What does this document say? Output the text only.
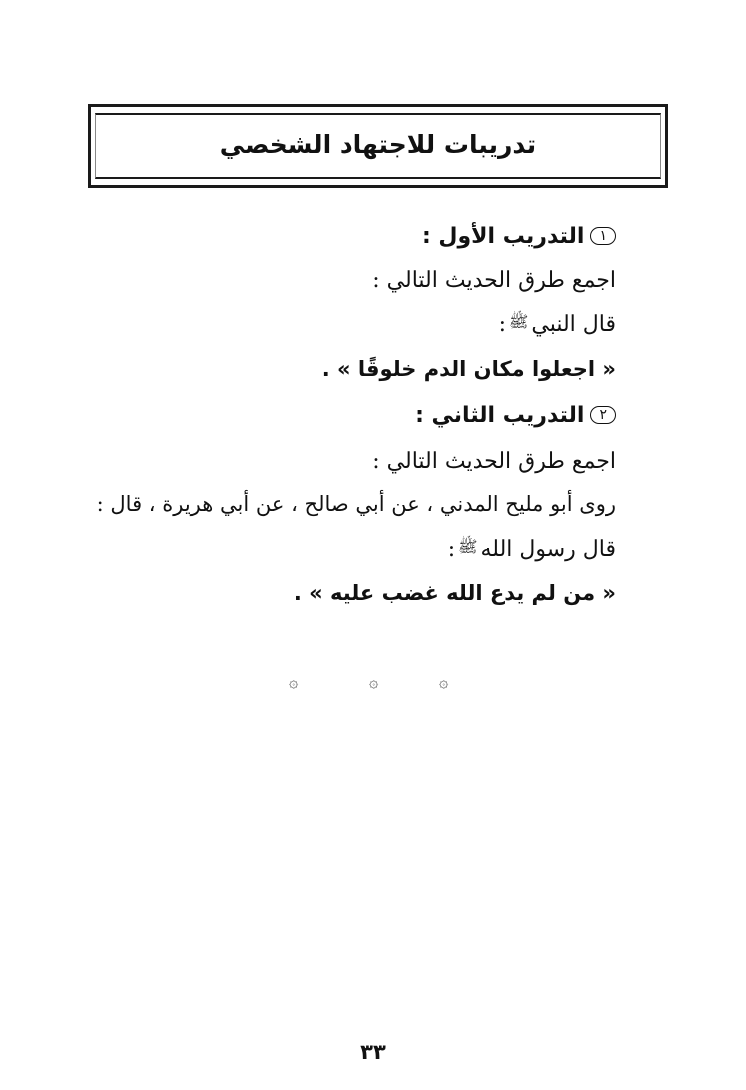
تدريبات للاجتهاد الشخصي
١التدريب الأول :
اجمع طرق الحديث التالي :
قال النبيﷺ:
« اجعلوا مكان الدم خلوقًا » .
٢التدريب الثاني :
اجمع طرق الحديث التالي :
روى أبو مليح المدني ، عن أبي صالح ، عن أبي هريرة ، قال :
قال رسول اللهﷺ:
« من لم يدع الله غضب عليه » .
۞	۞	۞
٣٣
